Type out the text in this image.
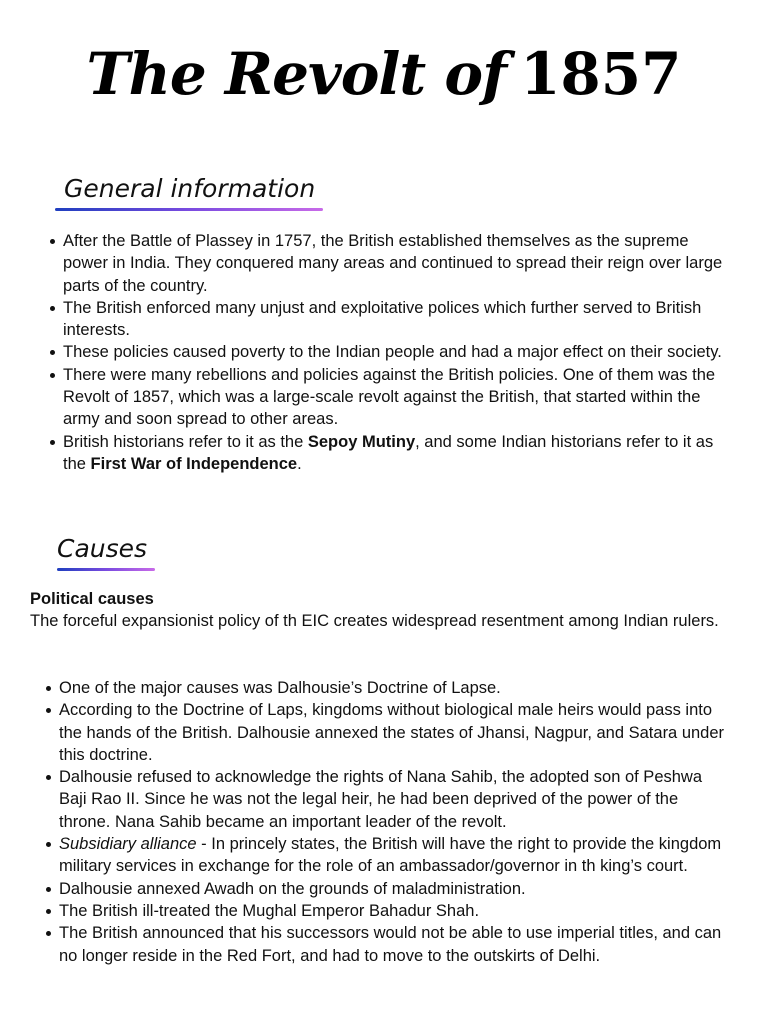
The Revolt of 1857
General information
After the Battle of Plassey in 1757, the British established themselves as the supreme power in India. They conquered many areas and continued to spread their reign over large parts of the country.
The British enforced many unjust and exploitative polices which further served to British interests.
These policies caused poverty to the Indian people and had a major effect on their society.
There were many rebellions and policies against the British policies. One of them was the Revolt of 1857, which was a large-scale revolt against the British, that started within the army and soon spread to other areas.
British historians refer to it as the Sepoy Mutiny, and some Indian historians refer to it as the First War of Independence.
Causes
Political causes
The forceful expansionist policy of th EIC creates widespread resentment among Indian rulers.
One of the major causes was Dalhousie’s Doctrine of Lapse.
According to the Doctrine of Laps, kingdoms without biological male heirs would pass into the hands of the British. Dalhousie annexed the states of Jhansi, Nagpur, and Satara under this doctrine.
Dalhousie refused to acknowledge the rights of Nana Sahib, the adopted son of Peshwa Baji Rao II. Since he was not the legal heir, he had been deprived of the power of the throne. Nana Sahib became an important leader of the revolt.
Subsidiary alliance - In princely states, the British will have the right to provide the kingdom military services in exchange for the role of an ambassador/governor in th king’s court.
Dalhousie annexed Awadh on the grounds of maladministration.
The British ill-treated the Mughal Emperor Bahadur Shah.
The British announced that his successors would not be able to use imperial titles, and can no longer reside in the Red Fort, and had to move to the outskirts of Delhi.
